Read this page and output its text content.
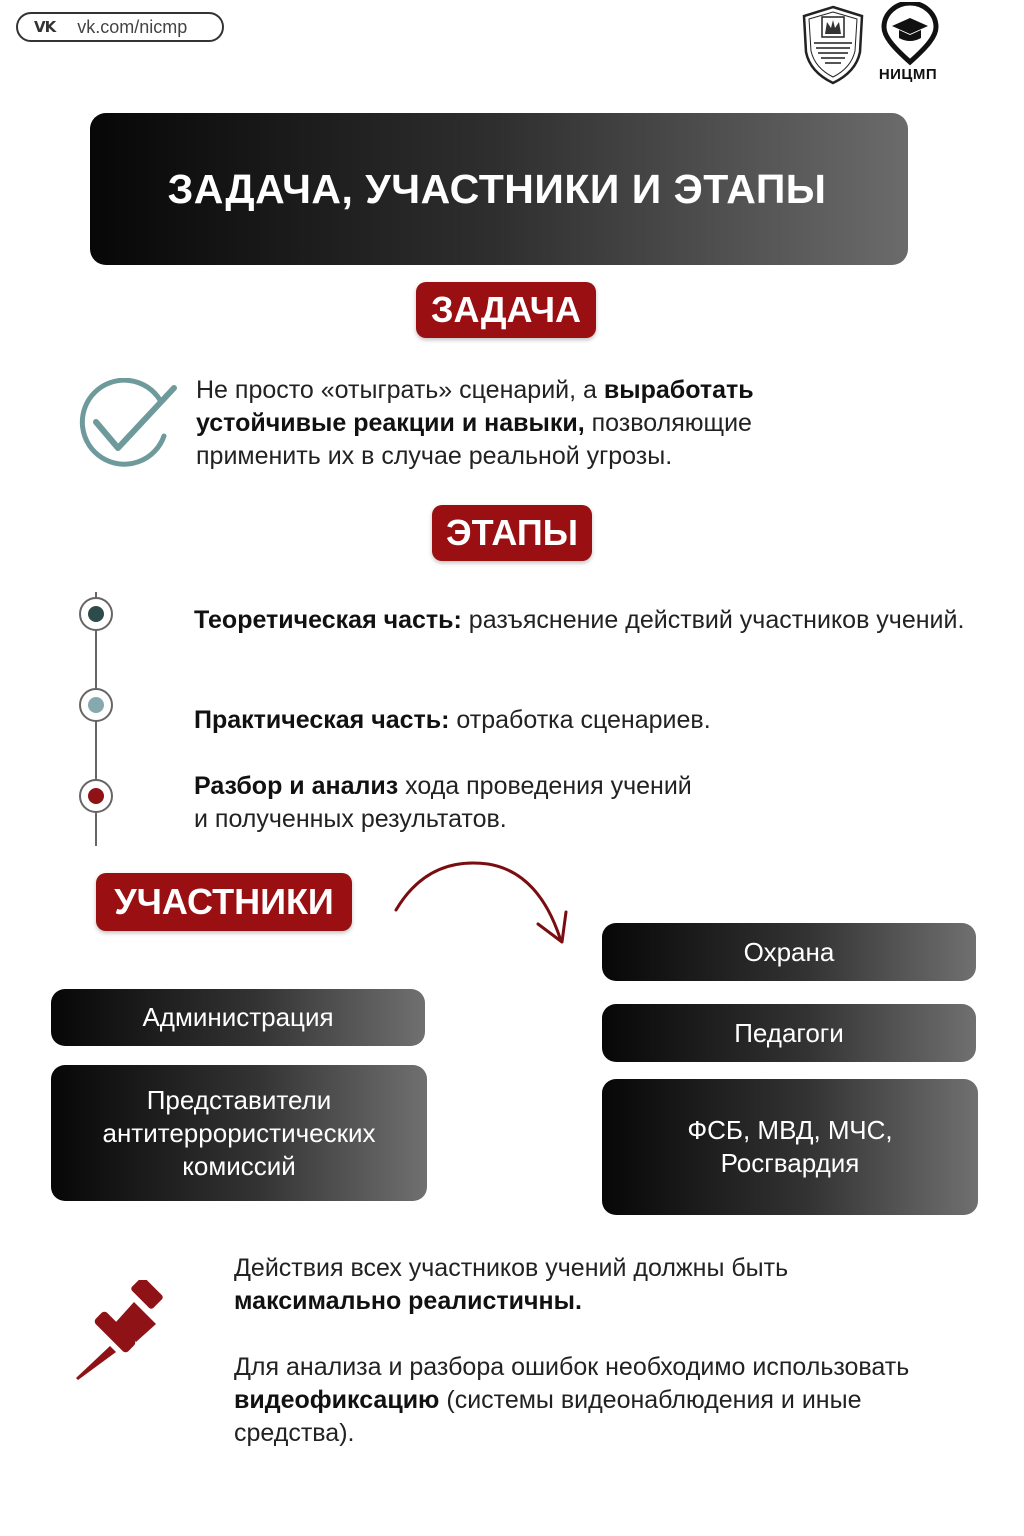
VK vk.com/nicmp
НИЦМП
ЗАДАЧА, УЧАСТНИКИ И ЭТАПЫ
ЗАДАЧА
Не просто «отыграть» сценарий, а выработать устойчивые реакции и навыки, позволяющие применить их в случае реальной угрозы.
ЭТАПЫ
Теоретическая часть: разъяснение действий участников учений.
Практическая часть: отработка сценариев.
Разбор и анализ хода проведения учений
и полученных результатов.
УЧАСТНИКИ
Администрация
Представители антитеррористических комиссий
Охрана
Педагоги
ФСБ, МВД, МЧС, Росгвардия
Действия всех участников учений должны быть
максимально реалистичны.
Для анализа и разбора ошибок необходимо использовать видеофиксацию (системы видеонаблюдения и иные средства).
